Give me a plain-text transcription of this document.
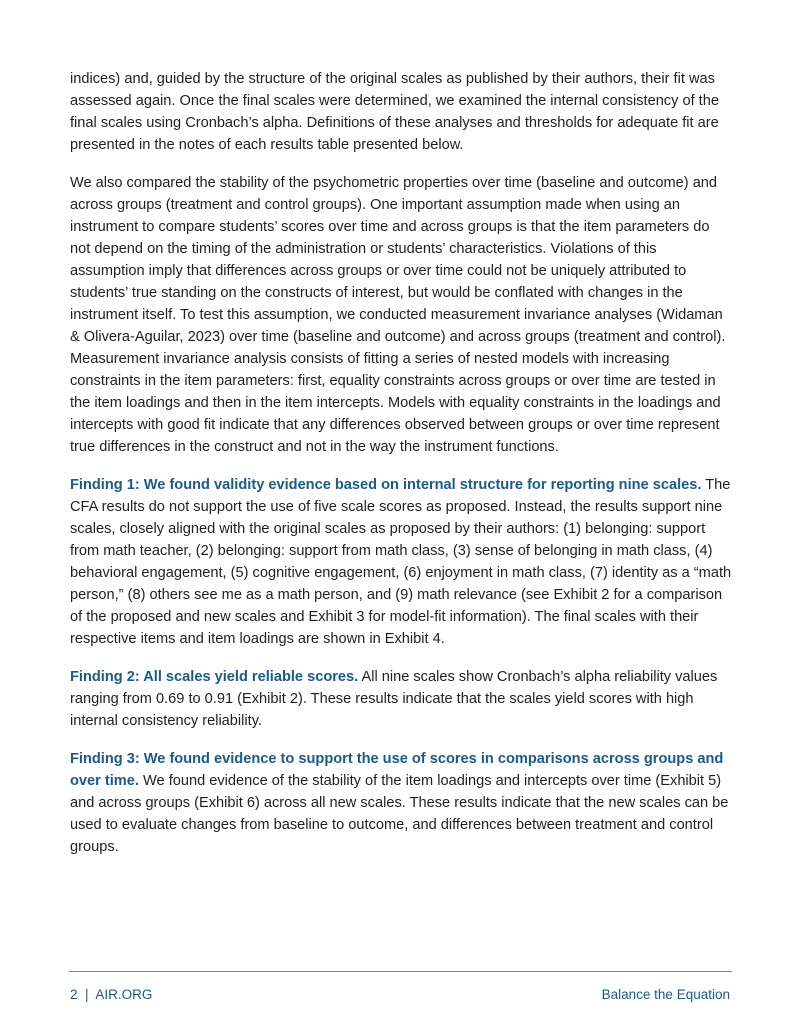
indices) and, guided by the structure of the original scales as published by their authors, their fit was assessed again. Once the final scales were determined, we examined the internal consistency of the final scales using Cronbach’s alpha. Definitions of these analyses and thresholds for adequate fit are presented in the notes of each results table presented below.

We also compared the stability of the psychometric properties over time (baseline and outcome) and across groups (treatment and control groups). One important assumption made when using an instrument to compare students’ scores over time and across groups is that the item parameters do not depend on the timing of the administration or students’ characteristics. Violations of this assumption imply that differences across groups or over time could not be uniquely attributed to students’ true standing on the constructs of interest, but would be conflated with changes in the instrument itself. To test this assumption, we conducted measurement invariance analyses (Widaman & Olivera-Aguilar, 2023) over time (baseline and outcome) and across groups (treatment and control). Measurement invariance analysis consists of fitting a series of nested models with increasing constraints in the item parameters: first, equality constraints across groups or over time are tested in the item loadings and then in the item intercepts. Models with equality constraints in the loadings and intercepts with good fit indicate that any differences observed between groups or over time represent true differences in the construct and not in the way the instrument functions.

Finding 1: We found validity evidence based on internal structure for reporting nine scales. The CFA results do not support the use of five scale scores as proposed. Instead, the results support nine scales, closely aligned with the original scales as proposed by their authors: (1) belonging: support from math teacher, (2) belonging: support from math class, (3) sense of belonging in math class, (4) behavioral engagement, (5) cognitive engagement, (6) enjoyment in math class, (7) identity as a “math person,” (8) others see me as a math person, and (9) math relevance (see Exhibit 2 for a comparison of the proposed and new scales and Exhibit 3 for model-fit information). The final scales with their respective items and item loadings are shown in Exhibit 4.

Finding 2: All scales yield reliable scores. All nine scales show Cronbach’s alpha reliability values ranging from 0.69 to 0.91 (Exhibit 2). These results indicate that the scales yield scores with high internal consistency reliability.

Finding 3: We found evidence to support the use of scores in comparisons across groups and over time. We found evidence of the stability of the item loadings and intercepts over time (Exhibit 5) and across groups (Exhibit 6) across all new scales. These results indicate that the new scales can be used to evaluate changes from baseline to outcome, and differences between treatment and control groups.

2 | AIR.ORG	Balance the Equation
